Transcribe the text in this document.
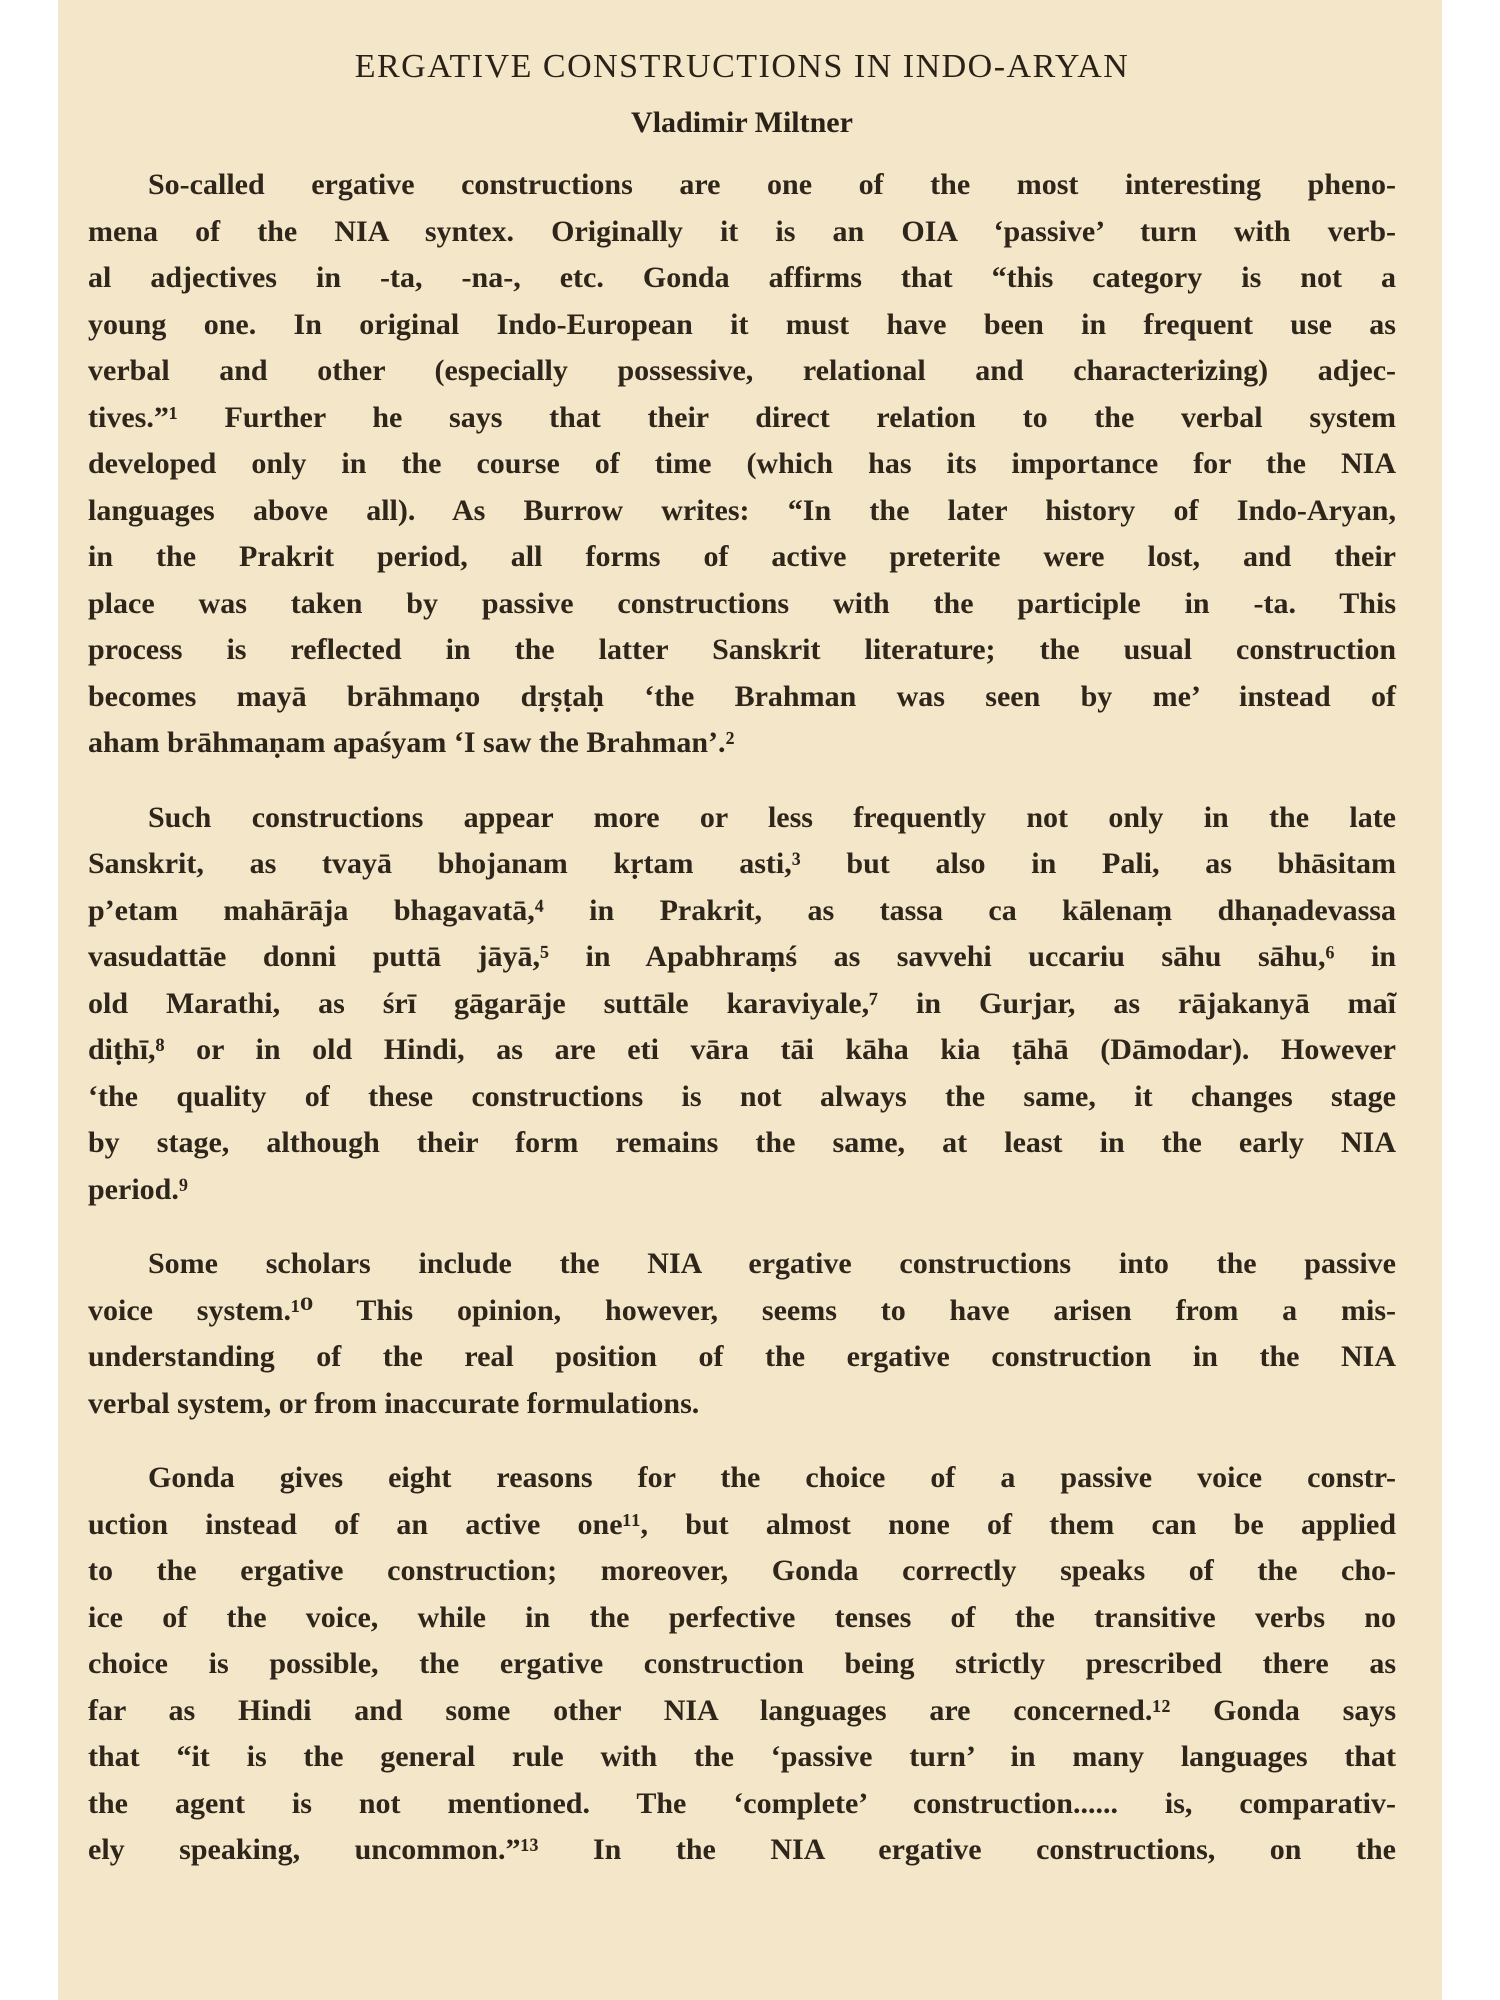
ERGATIVE CONSTRUCTIONS IN INDO-ARYAN
Vladimir Miltner
So-called ergative constructions are one of the most interesting pheno-
mena of the NIA syntex. Originally it is an OIA ‘passive’ turn with verb-
al adjectives in -ta, -na-, etc. Gonda affirms that “this category is not a
young one. In original Indo-European it must have been in frequent use as
verbal and other (especially possessive, relational and characterizing) adjec-
tives.”¹ Further he says that their direct relation to the verbal system
developed only in the course of time (which has its importance for the NIA
languages above all). As Burrow writes: “In the later history of Indo-Aryan,
in the Prakrit period, all forms of active preterite were lost, and their
place was taken by passive constructions with the participle in -ta. This
process is reflected in the latter Sanskrit literature; the usual construction
becomes mayā brāhmaṇo dṛṣṭaḥ ‘the Brahman was seen by me’ instead of
aham brāhmaṇam apaśyam ‘I saw the Brahman’.²
Such constructions appear more or less frequently not only in the late
Sanskrit, as tvayā bhojanam kṛtam asti,³ but also in Pali, as bhāsitam
p’etam mahārāja bhagavatā,⁴ in Prakrit, as tassa ca kālenaṃ dhaṇadevassa
vasudattāe donni puttā jāyā,⁵ in Apabhraṃś as savvehi uccariu sāhu sāhu,⁶ in
old Marathi, as śrī gāgarāje suttāle karaviyale,⁷ in Gurjar, as rājakanyā maĩ
diṭhī,⁸ or in old Hindi, as are eti vāra tāi kāha kia ṭāhā (Dāmodar). However
‘the quality of these constructions is not always the same, it changes stage
by stage, although their form remains the same, at least in the early NIA
period.⁹
Some scholars include the NIA ergative constructions into the passive
voice system.¹⁰ This opinion, however, seems to have arisen from a mis-
understanding of the real position of the ergative construction in the NIA
verbal system, or from inaccurate formulations.
Gonda gives eight reasons for the choice of a passive voice constr-
uction instead of an active one¹¹, but almost none of them can be applied
to the ergative construction; moreover, Gonda correctly speaks of the cho-
ice of the voice, while in the perfective tenses of the transitive verbs no
choice is possible, the ergative construction being strictly prescribed there as
far as Hindi and some other NIA languages are concerned.¹² Gonda says
that “it is the general rule with the ‘passive turn’ in many languages that
the agent is not mentioned. The ‘complete’ construction...... is, comparativ-
ely speaking, uncommon.”¹³ In the NIA ergative constructions, on the
